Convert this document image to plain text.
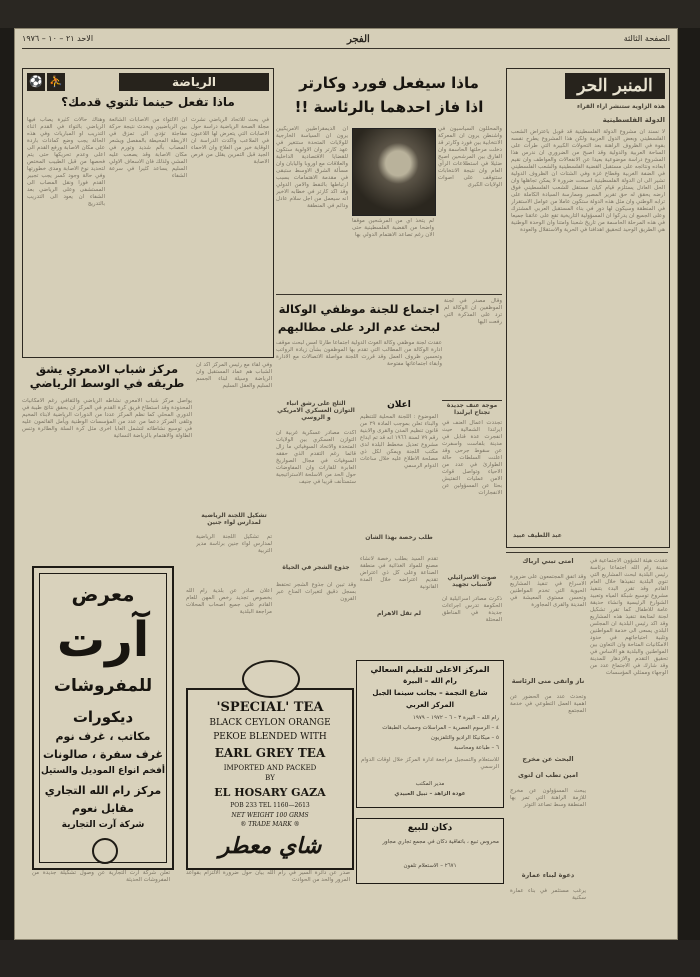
الصفحة الثالثة
الفجر
الاحد ٢١ – ١٠ – ١٩٧٦
المنبر الحر
هذه الزاوية ستنشر آراء القراء
الدولة الفلسطينية
لا نسند ان مشروع الدولة الفلسطينية قد قوبل باعتراض الشعب الفلسطيني وبعض الدول العربية ولكن هذا المشروع يطرح نفسه بقوة في الظروف الراهنة بعد التحولات الكبيرة التي طرأت على الساحة العربية والدولية وقد اصبح من الضروري ان ندرس هذا المشروع دراسة موضوعية بعيدا عن الانفعالات والعواطف وان نقيم ابعاده ونتائجه على مستقبل القضية الفلسطينية والشعب الفلسطيني في الضفة الغربية وقطاع غزة وفي الشتات ان الظروف الدولية تشير الى ان الدولة الفلسطينية اصبحت ضرورة لا يمكن تجاهلها وان الحل العادل يستلزم قيام كيان مستقل للشعب الفلسطيني فوق ارضه يحقق له حق تقرير المصير وممارسة السيادة الكاملة على ترابه الوطني وان مثل هذه الدولة ستكون عاملا من عوامل الاستقرار في المنطقة وسيكون لها دور في بناء المستقبل العربي المشترك وعلى الجميع ان يدركوا ان المسؤولية التاريخية تقع على عاتقنا جميعا في هذه المرحلة الحاسمة من تاريخ شعبنا وامتنا وان الوحدة الوطنية هي الطريق الوحيد لتحقيق اهدافنا في الحرية والاستقلال والعودة
عبد اللطيف عبيد
ماذا سيفعل فورد وكارتر
اذا فاز احدهما بالرئاسة !!
ان الديمقراطيين الامريكيين يرون ان السياسة الخارجية للولايات المتحدة ستتغير في عهد كارتر وان الاولوية ستكون للقضايا الاقتصادية الداخلية والعلاقات مع اوروبا واليابان وان مسألة الشرق الاوسط ستبقى في مقدمة الاهتمامات بسبب ارتباطها بالنفط والامن الدولي وقد اكد كارتر في خطابه الاخير انه سيعمل من اجل سلام عادل ودائم في المنطقة
والمحللون السياسيون في واشنطن يرون ان المعركة الانتخابية بين فورد وكارتر قد دخلت مرحلتها الحاسمة وان الفارق بين المرشحين اصبح ضئيلا في استطلاعات الرأي العام وان نتيجة الانتخابات ستتوقف على اصوات الولايات الكبرى
لم يتخذ اي من المرشحين موقفا واضحا من القضية الفلسطينية حتى الان رغم تصاعد الاهتمام الدولي بها
اجتماع للجنة موظفي الوكالة
لبحث عدم الرد على مطالبهم
وقال مصدر في لجنة الموظفين ان الوكالة لم ترد على المذكرة التي رفعت اليها
عقدت لجنة موظفي وكالة الغوث الدولية اجتماعا طارئا امس لبحث موقف ادارة الوكالة من المطالب التي تقدم بها الموظفون بشأن زيادة الرواتب وتحسين ظروف العمل وقد قررت اللجنة مواصلة الاتصالات مع الادارة وابقاء اجتماعاتها مفتوحة
موجة عنف جديدة تجتاح ايرلندا
تجددت اعمال العنف في ايرلندا الشمالية حيث انفجرت عدة قنابل في مدينة بلفاست واسفرت عن سقوط جرحى وقد اعلنت السلطات حالة الطوارئ في عدد من الاحياء وتواصل قوات الامن عمليات التفتيش بحثا عن المسؤولين عن الانفجارات
صوت الاسرائيلي لاسباب تجهيد
ذكرت مصادر اسرائيلية ان الحكومة تدرس اجراءات جديدة في المناطق المحتلة
اعلان
الموضوع : اللجنة المحلية للتنظيم والبناء تعلن بموجب المادة ٢٩ من قانون تنظيم المدن والقرى والابنية رقم ٧٩ لسنة ١٩٦٦ انه قد تم ايداع مشروع تعديل مخطط البلدة لدى مكتب اللجنة ويمكن لكل ذي مصلحة الاطلاع عليه خلال ساعات الدوام الرسمي
طلب رخصة بهذا الشأن
تقدم السيد بطلب رخصة لانشاء مصنع للمواد الغذائية في منطقة الصناعة وعلى كل ذي اعتراض تقديم اعتراضه خلال المدة القانونية
لم تقل الاهرام
الثلج على رشق انباء التوازن العسكري الامريكي و الروسي
اكدت مصادر عسكرية غربية ان التوازن العسكري بين الولايات المتحدة والاتحاد السوفياتي ما زال قائما رغم التقدم الذي حققه السوفيات في مجال الصواريخ العابرة للقارات وان المفاوضات حول الحد من الاسلحة الاستراتيجية ستستأنف قريبا في جنيف
جذوع الشجر في الحياة
وقد تبين ان جذوع الشجر تحتفظ بسجل دقيق لتغيرات المناخ عبر القرون
الرياضة
⚽ ⛹
ماذا تفعل حينما تلتوي قدمك؟
وهناك حالات كثيرة يصاب فيها الرياضي بالتواء في القدم اثناء التدريب او المباريات وفي هذه الحالة يجب وضع كمادات باردة على مكان الاصابة ورفع القدم الى اعلى وعدم تحريكها حتى يتم فحصها من قبل الطبيب المختص لتحديد نوع الاصابة ومدى خطورتها وفي حالة وجود كسر يجب تجبير القدم فورا ونقل المصاب الى المستشفى وعلى الرياضي بعد الشفاء ان يعود الى التدريب بالتدريج
ان الالتواء من الاصابات الشائعة بين الرياضيين ويحدث نتيجة حركة مفاجئة تؤدي الى تمزق في الاربطة المحيطة بالمفصل ويشعر المصاب بألم شديد وتورم في مكان الاصابة وقد يصعب عليه المشي ولذلك فان الاسعاف الاولي السليم يساعد كثيرا في سرعة الشفاء
في بحث للاتحاد الرياضي نشرت مجلة الصحة الرياضية دراسة حول الاصابات التي يتعرض لها اللاعبون في الملاعب واكدت الدراسة ان الوقاية خير من العلاج وان الاحماء الجيد قبل التمرين يقلل من فرص الاصابة
مركز شباب الامعري يشق طريقه في الوسط الرياضي
يواصل مركز شباب الامعري نشاطه الرياضي والثقافي رغم الامكانيات المحدودة وقد استطاع فريق كرة القدم في المركز ان يحقق نتائج طيبة في الدوري المحلي كما نظم المركز عددا من الدورات الرياضية لابناء المخيم وتلقى المركز دعما من عدد من المؤسسات الوطنية ويأمل القائمون عليه في توسيع نشاطاته لتشمل العابا اخرى مثل كرة السلة والطائرة وتنس الطاولة والاهتمام بالرياضة النسائية
وفي لقاء مع رئيس المركز اكد ان الشباب هم عماد المستقبل وان الرياضة وسيلة لبناء الجسم السليم والعقل السليم
تشكيل اللجنة الرياضية لمدارس لواء جنين
تم تشكيل اللجنة الرياضية لمدارس لواء جنين برئاسة مدير التربية
معرض
آرت
للمفروشات
ديكورات
مكاتب ، غرف نوم
غرف سفرة ، صالونات
أفخم انواع الموديل والستيل
مركز رام الله التجاري
مقابل نعوم
شركة آرت التجارية
اعلان صادر عن بلدية رام الله بخصوص تجديد رخص المهن للعام القادم على جميع اصحاب المحلات مراجعة البلدية
'SPECIAL' TEA
BLACK CEYLON ORANGE
PEKOE BLENDED WITH
EARL GREY TEA
IMPORTED AND PACKED
BY
EL HOSARY GAZA
POB 233 TEL 1160—2613
NET WEIGHT 100 GRMS
® TRADE MARK ®
شاي معطر
المركز الاعلى للتعليم السعالي
رام الله – البيرة
شارع النجمة – بجانب سينما الجبل
المركز العربي
رام الله – البيرة ٣ – ٦ – ١٩٧٢ – ١٩٧٩
٤ – الرسوم العصرية – المراسلات وحساب الطبقات
٥ – ميكانيكا الراديو والتلفزيون
٦ – طباعة ومحاسبة
للاستعلام والتسجيل مراجعة ادارة المركز خلال اوقات الدوام الرسمي
مدير المكتب
عودة الزاهد – نبيل العبيدي
دكان للبيع
محروس تبيع ، باتفاقية دكان في مجمع تجاري مجاور
٢٦٧١ – الاستعلام تلفون
عقدت هيئة الشؤون الاجتماعية في مدينة رام الله اجتماعا برئاسة رئيس البلدية لبحث المشاريع التي تنوي البلدية تنفيذها خلال العام القادم وقد تقرر البدء بتنفيذ مشروع توسيع شبكة المياه وتعبيد الشوارع الرئيسية وانشاء حديقة عامة للاطفال كما تقرر تشكيل لجنة لمتابعة تنفيذ هذه المشاريع وقد اكد رئيس البلدية ان المجلس البلدي يسعى الى خدمة المواطنين وتلبية احتياجاتهم في حدود الامكانيات المتاحة وان التعاون بين المواطنين والبلدية هو الاساس في تحقيق التقدم والازدهار للمدينة وقد شارك في الاجتماع عدد من الوجهاء وممثلي المؤسسات
امتى تبني ارباك
وقد اتفق المجتمعون على ضرورة الاسراع في تنفيذ المشاريع الحيوية التي تخدم المواطنين وتحسن مستوى المعيشة في المدينة والقرى المجاورة
ناز واتقى منى الرئاسة
وتحدث عدد من الحضور عن اهمية العمل التطوعي في خدمة المجتمع
البحث عن مخرج
امين تطب ان لتوى
يبحث المسؤولون عن مخرج للازمة الراهنة التي تمر بها المنطقة وسط تصاعد التوتر
دعوة لبناء عمارة
يرغب مستثمر في بناء عمارة سكنية
صدر عن دائرة السير في رام الله بيان حول ضرورة الالتزام بقواعد المرور والحد من الحوادث
تعلن شركة آرت التجارية عن وصول تشكيلة جديدة من المفروشات الحديثة
